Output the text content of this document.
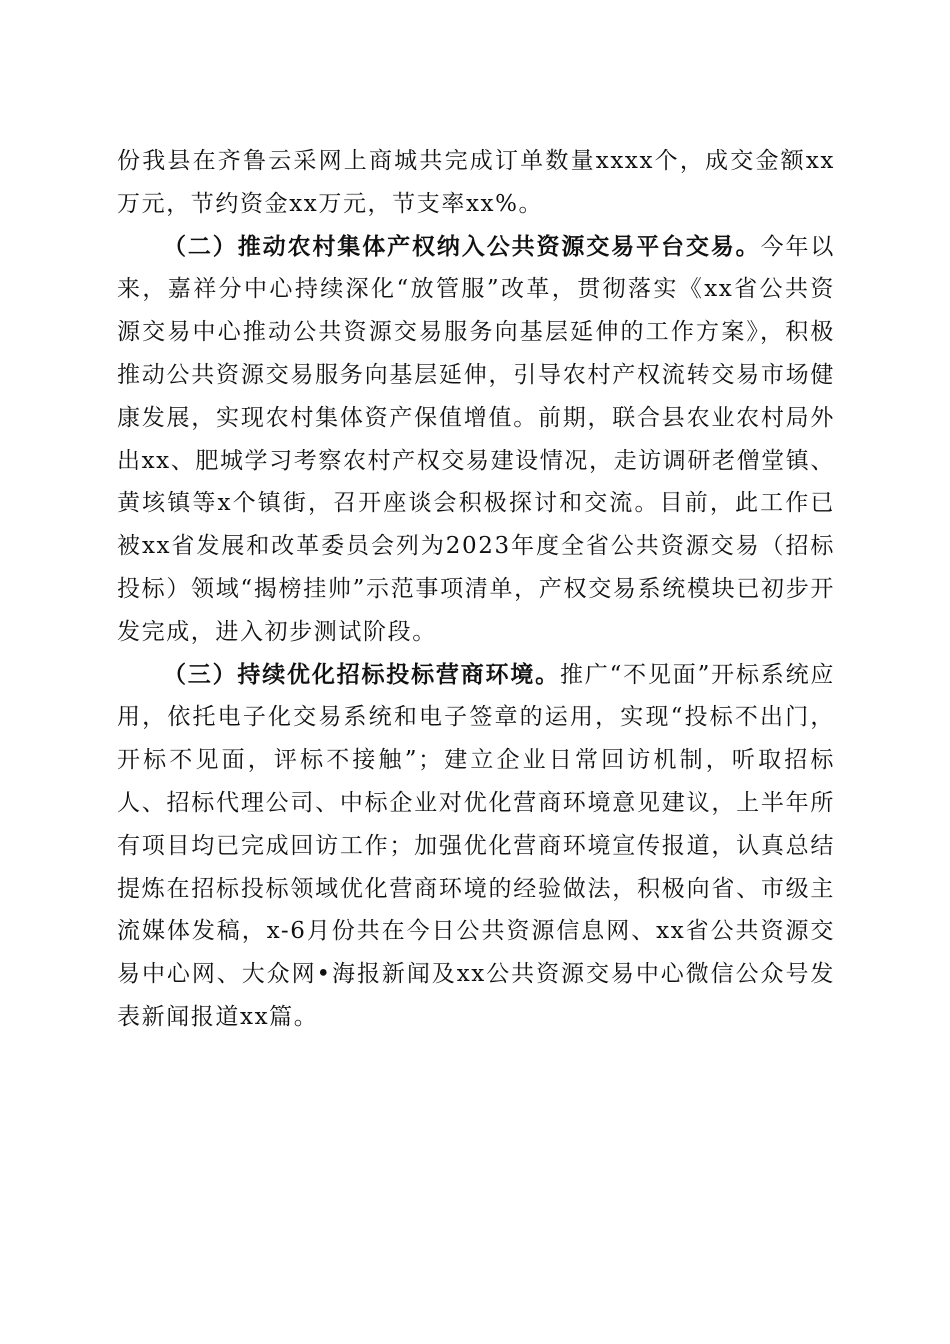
份我县在齐鲁云采网上商城共完成订单数量xxxx个，成交金额xx万元，节约资金xx万元，节支率xx%。

（二）推动农村集体产权纳入公共资源交易平台交易。今年以来，嘉祥分中心持续深化“放管服”改革，贯彻落实《xx省公共资源交易中心推动公共资源交易服务向基层延伸的工作方案》，积极推动公共资源交易服务向基层延伸，引导农村产权流转交易市场健康发展，实现农村集体资产保值增值。前期，联合县农业农村局外出xx、肥城学习考察农村产权交易建设情况，走访调研老僧堂镇、黄垓镇等x个镇街，召开座谈会积极探讨和交流。目前，此工作已被xx省发展和改革委员会列为2023年度全省公共资源交易（招标投标）领域“揭榜挂帅”示范事项清单，产权交易系统模块已初步开发完成，进入初步测试阶段。

（三）持续优化招标投标营商环境。推广“不见面”开标系统应用，依托电子化交易系统和电子签章的运用，实现“投标不出门，开标不见面，评标不接触”；建立企业日常回访机制，听取招标人、招标代理公司、中标企业对优化营商环境意见建议，上半年所有项目均已完成回访工作；加强优化营商环境宣传报道，认真总结提炼在招标投标领域优化营商环境的经验做法，积极向省、市级主流媒体发稿，x-6月份共在今日公共资源信息网、xx省公共资源交易中心网、大众网•海报新闻及xx公共资源交易中心微信公众号发表新闻报道xx篇。
